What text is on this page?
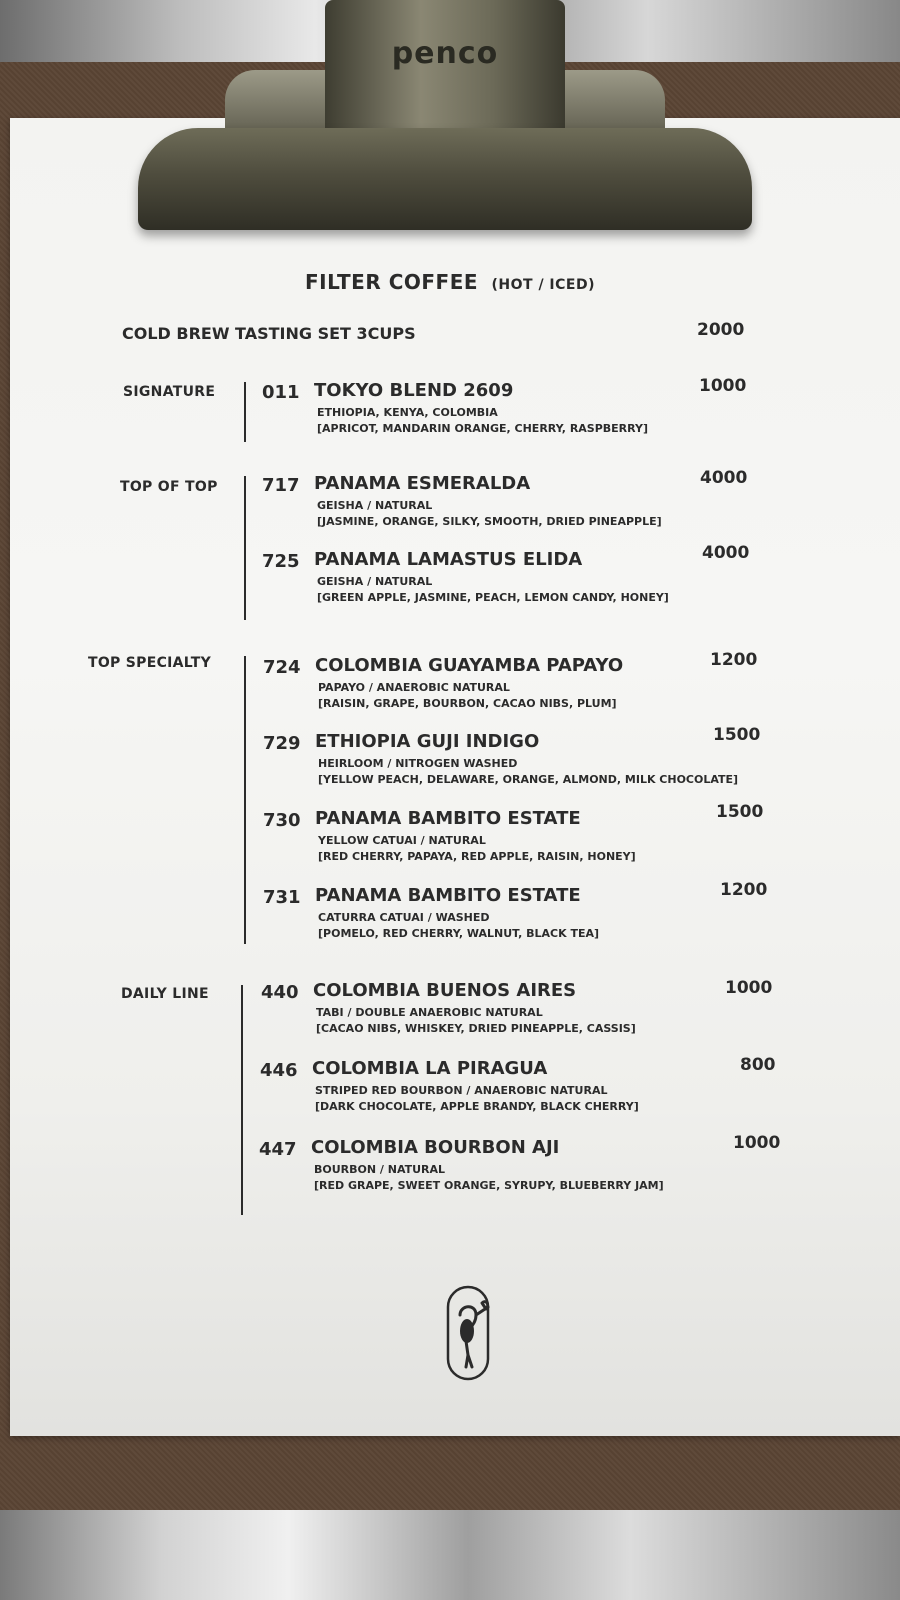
penco
FILTER COFFEE (HOT / ICED)
COLD BREW TASTING SET 3CUPS	2000
SIGNATURE	011 TOKYO BLEND 2609
ETHIOPIA, KENYA, COLOMBIA
[APRICOT, MANDARIN ORANGE, CHERRY, RASPBERRY]
1000
TOP OF TOP 717 PANAMA ESMERALDA
GEISHA / NATURAL
[JASMINE, ORANGE, SILKY, SMOOTH, DRIED PINEAPPLE]
4000
725 PANAMA LAMASTUS ELIDA
GEISHA / NATURAL
[GREEN APPLE, JASMINE, PEACH, LEMON CANDY, HONEY]
4000
TOP SPECIALTY	724 COLOMBIA GUAYAMBA PAPAYO
PAPAYO / ANAEROBIC NATURAL
[RAISIN, GRAPE, BOURBON, CACAO NIBS, PLUM]
1200
729 ETHIOPIA GUJI INDIGO
HEIRLOOM / NITROGEN WASHED
[YELLOW PEACH, DELAWARE, ORANGE, ALMOND, MILK CHOCOLATE]
1500
730 PANAMA BAMBITO ESTATE
YELLOW CATUAI / NATURAL
[RED CHERRY, PAPAYA, RED APPLE, RAISIN, HONEY]
1500
731 PANAMA BAMBITO ESTATE
CATURRA CATUAI / WASHED
[POMELO, RED CHERRY, WALNUT, BLACK TEA]
1200
DAILY LINE	440 COLOMBIA BUENOS AIRES
TABI / DOUBLE ANAEROBIC NATURAL
[CACAO NIBS, WHISKEY, DRIED PINEAPPLE, CASSIS]
1000
446 COLOMBIA LA PIRAGUA
STRIPED RED BOURBON / ANAEROBIC NATURAL
[DARK CHOCOLATE, APPLE BRANDY, BLACK CHERRY]
800
447 COLOMBIA BOURBON AJI
BOURBON / NATURAL
[RED GRAPE, SWEET ORANGE, SYRUPY, BLUEBERRY JAM]
1000
